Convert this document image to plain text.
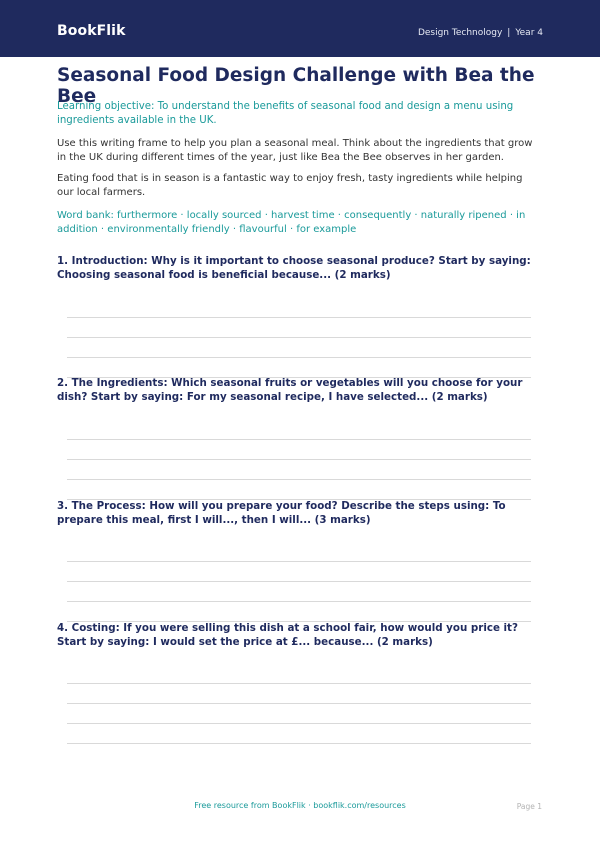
BookFlik	Design Technology | Year 4
Seasonal Food Design Challenge with Bea the Bee
Learning objective: To understand the benefits of seasonal food and design a menu using ingredients available in the UK.
Use this writing frame to help you plan a seasonal meal. Think about the ingredients that grow in the UK during different times of the year, just like Bea the Bee observes in her garden.
Eating food that is in season is a fantastic way to enjoy fresh, tasty ingredients while helping our local farmers.
Word bank: furthermore · locally sourced · harvest time · consequently · naturally ripened · in addition · environmentally friendly · flavourful · for example
1. Introduction: Why is it important to choose seasonal produce? Start by saying: Choosing seasonal food is beneficial because... (2 marks)
2. The Ingredients: Which seasonal fruits or vegetables will you choose for your dish? Start by saying: For my seasonal recipe, I have selected... (2 marks)
3. The Process: How will you prepare your food? Describe the steps using: To prepare this meal, first I will..., then I will... (3 marks)
4. Costing: If you were selling this dish at a school fair, how would you price it? Start by saying: I would set the price at £... because... (2 marks)
Free resource from BookFlik · bookflik.com/resources	Page 1
